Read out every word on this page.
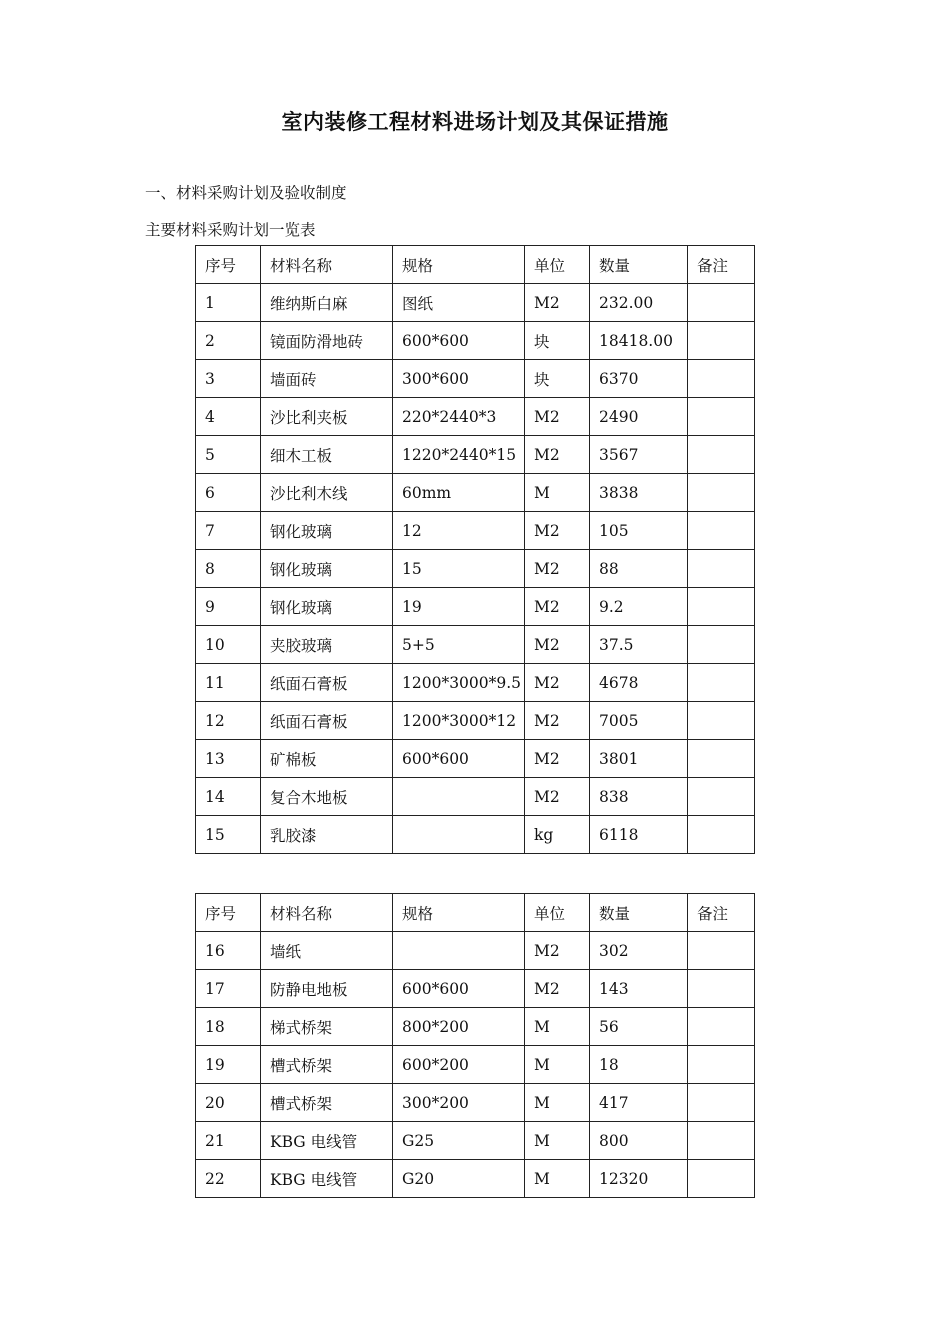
室内装修工程材料进场计划及其保证措施
一、材料采购计划及验收制度
主要材料采购计划一览表
序号	材料名称	规格	单位	数量	备注
1	维纳斯白麻	图纸	M2	232.00	
2	镜面防滑地砖	600*600	块	18418.00	
3	墙面砖	300*600	块	6370	
4	沙比利夹板	220*2440*3	M2	2490	
5	细木工板	1220*2440*15	M2	3567	
6	沙比利木线	60mm	M	3838	
7	钢化玻璃	12	M2	105	
8	钢化玻璃	15	M2	88	
9	钢化玻璃	19	M2	9.2	
10	夹胶玻璃	5+5	M2	37.5	
11	纸面石膏板	1200*3000*9.5	M2	4678	
12	纸面石膏板	1200*3000*12	M2	7005	
13	矿棉板	600*600	M2	3801	
14	复合木地板		M2	838	
15	乳胶漆		kg	6118	
序号	材料名称	规格	单位	数量	备注
16	墙纸		M2	302	
17	防静电地板	600*600	M2	143	
18	梯式桥架	800*200	M	56	
19	槽式桥架	600*200	M	18	
20	槽式桥架	300*200	M	417	
21	KBG 电线管	G25	M	800	
22	KBG 电线管	G20	M	12320	
